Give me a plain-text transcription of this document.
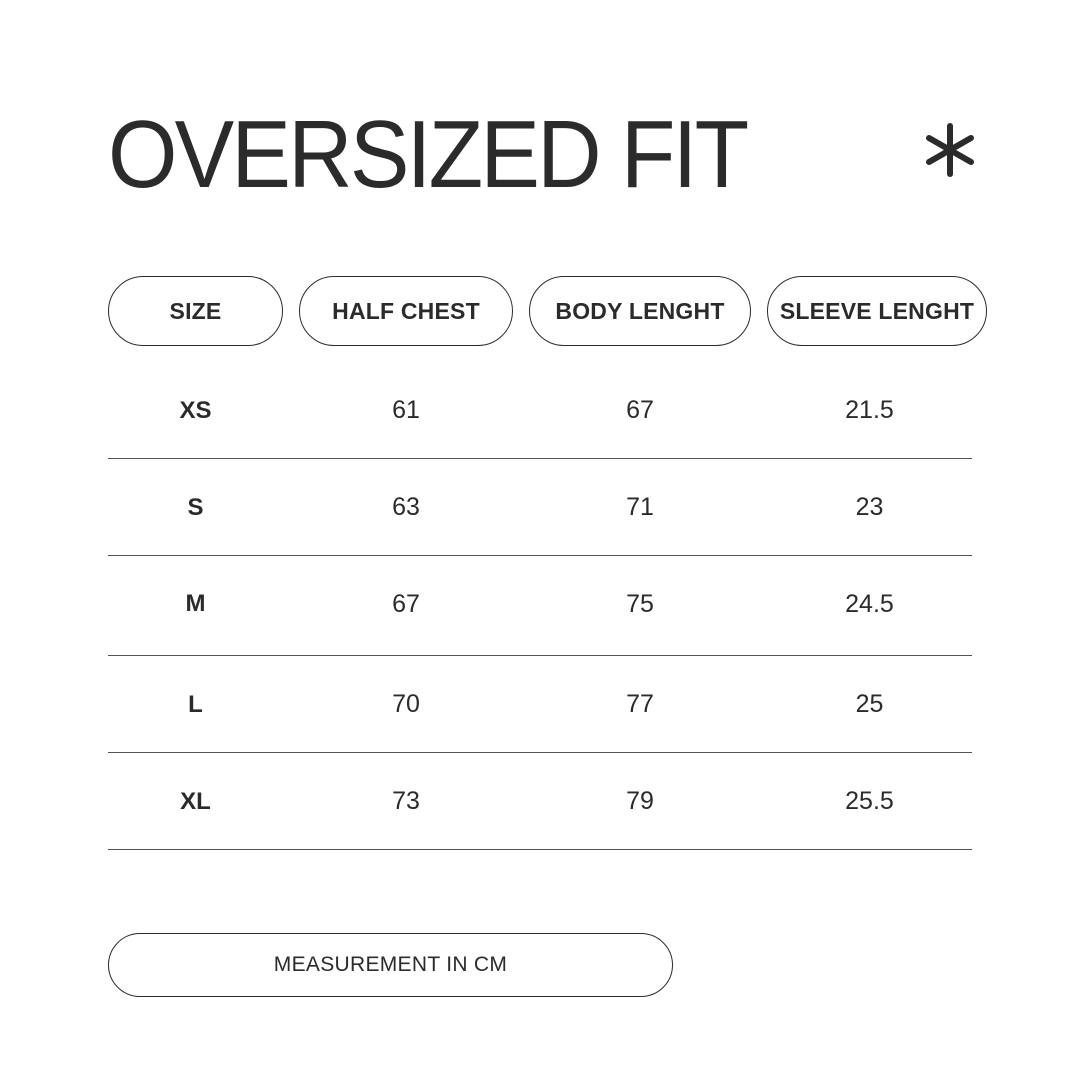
OVERSIZED FIT
SIZE	HALF CHEST	BODY LENGHT	SLEEVE LENGHT
XS	61	67	21.5
S	63	71	23
M	67	75	24.5
L	70	77	25
XL	73	79	25.5
MEASUREMENT IN CM
